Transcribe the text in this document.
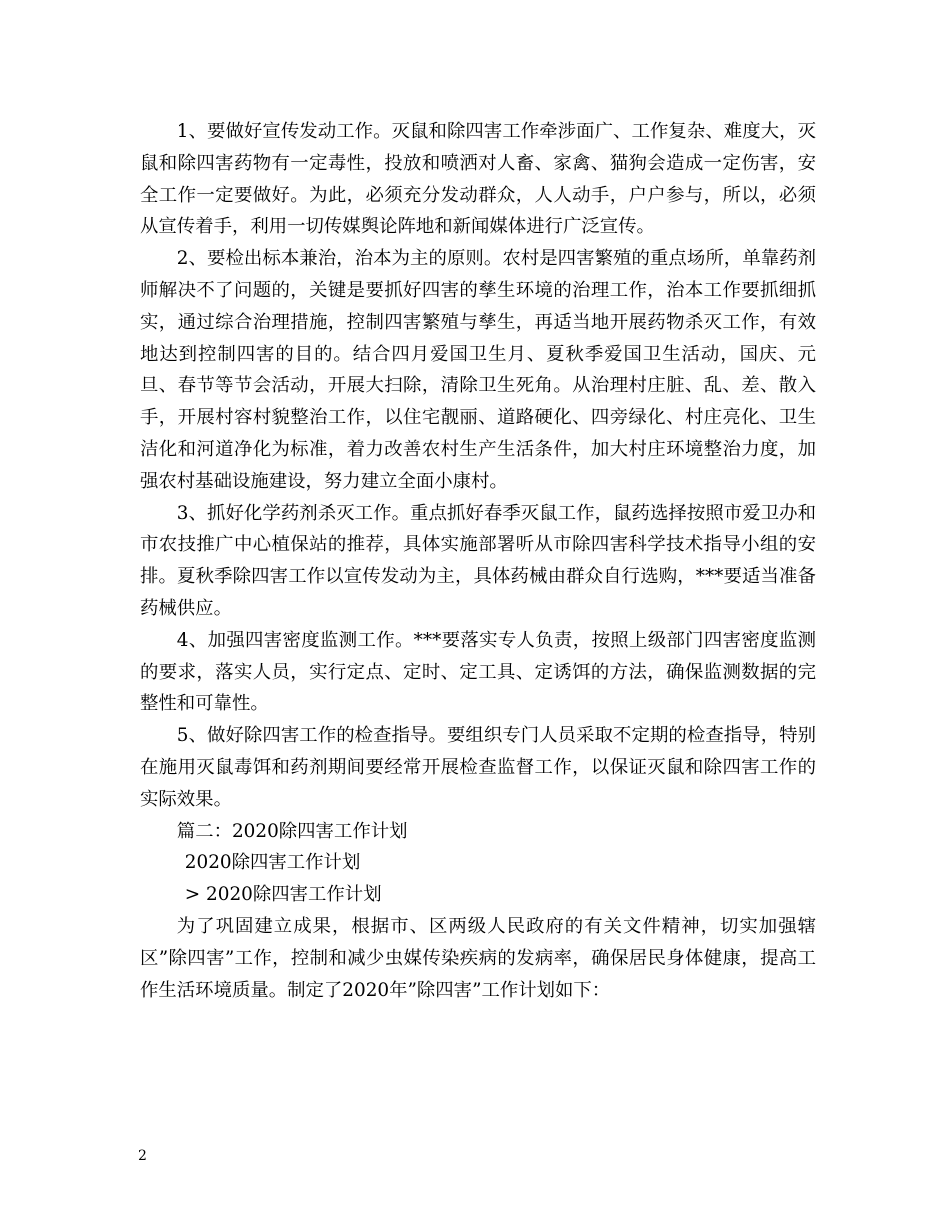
1、要做好宣传发动工作。灭鼠和除四害工作牵涉面广、工作复杂、难度大，灭鼠和除四害药物有一定毒性，投放和喷洒对人畜、家禽、猫狗会造成一定伤害，安全工作一定要做好。为此，必须充分发动群众，人人动手，户户参与，所以，必须从宣传着手，利用一切传媒舆论阵地和新闻媒体进行广泛宣传。

2、要检出标本兼治，治本为主的原则。农村是四害繁殖的重点场所，单靠药剂师解决不了问题的，关键是要抓好四害的孳生环境的治理工作，治本工作要抓细抓实，通过综合治理措施，控制四害繁殖与孳生，再适当地开展药物杀灭工作，有效地达到控制四害的目的。结合四月爱国卫生月、夏秋季爱国卫生活动，国庆、元旦、春节等节会活动，开展大扫除，清除卫生死角。从治理村庄脏、乱、差、散入手，开展村容村貌整治工作，以住宅靓丽、道路硬化、四旁绿化、村庄亮化、卫生洁化和河道净化为标准，着力改善农村生产生活条件，加大村庄环境整治力度，加强农村基础设施建设，努力建立全面小康村。

3、抓好化学药剂杀灭工作。重点抓好春季灭鼠工作，鼠药选择按照市爱卫办和市农技推广中心植保站的推荐，具体实施部署听从市除四害科学技术指导小组的安排。夏秋季除四害工作以宣传发动为主，具体药械由群众自行选购，***要适当准备药械供应。

4、加强四害密度监测工作。***要落实专人负责，按照上级部门四害密度监测的要求，落实人员，实行定点、定时、定工具、定诱饵的方法，确保监测数据的完整性和可靠性。

5、做好除四害工作的检查指导。要组织专门人员采取不定期的检查指导，特别在施用灭鼠毒饵和药剂期间要经常开展检查监督工作，以保证灭鼠和除四害工作的实际效果。

篇二：2020除四害工作计划

2020除四害工作计划

> 2020除四害工作计划

为了巩固建立成果，根据市、区两级人民政府的有关文件精神，切实加强辖区”除四害”工作，控制和减少虫媒传染疾病的发病率，确保居民身体健康，提高工作生活环境质量。制定了2020年”除四害”工作计划如下：

2
